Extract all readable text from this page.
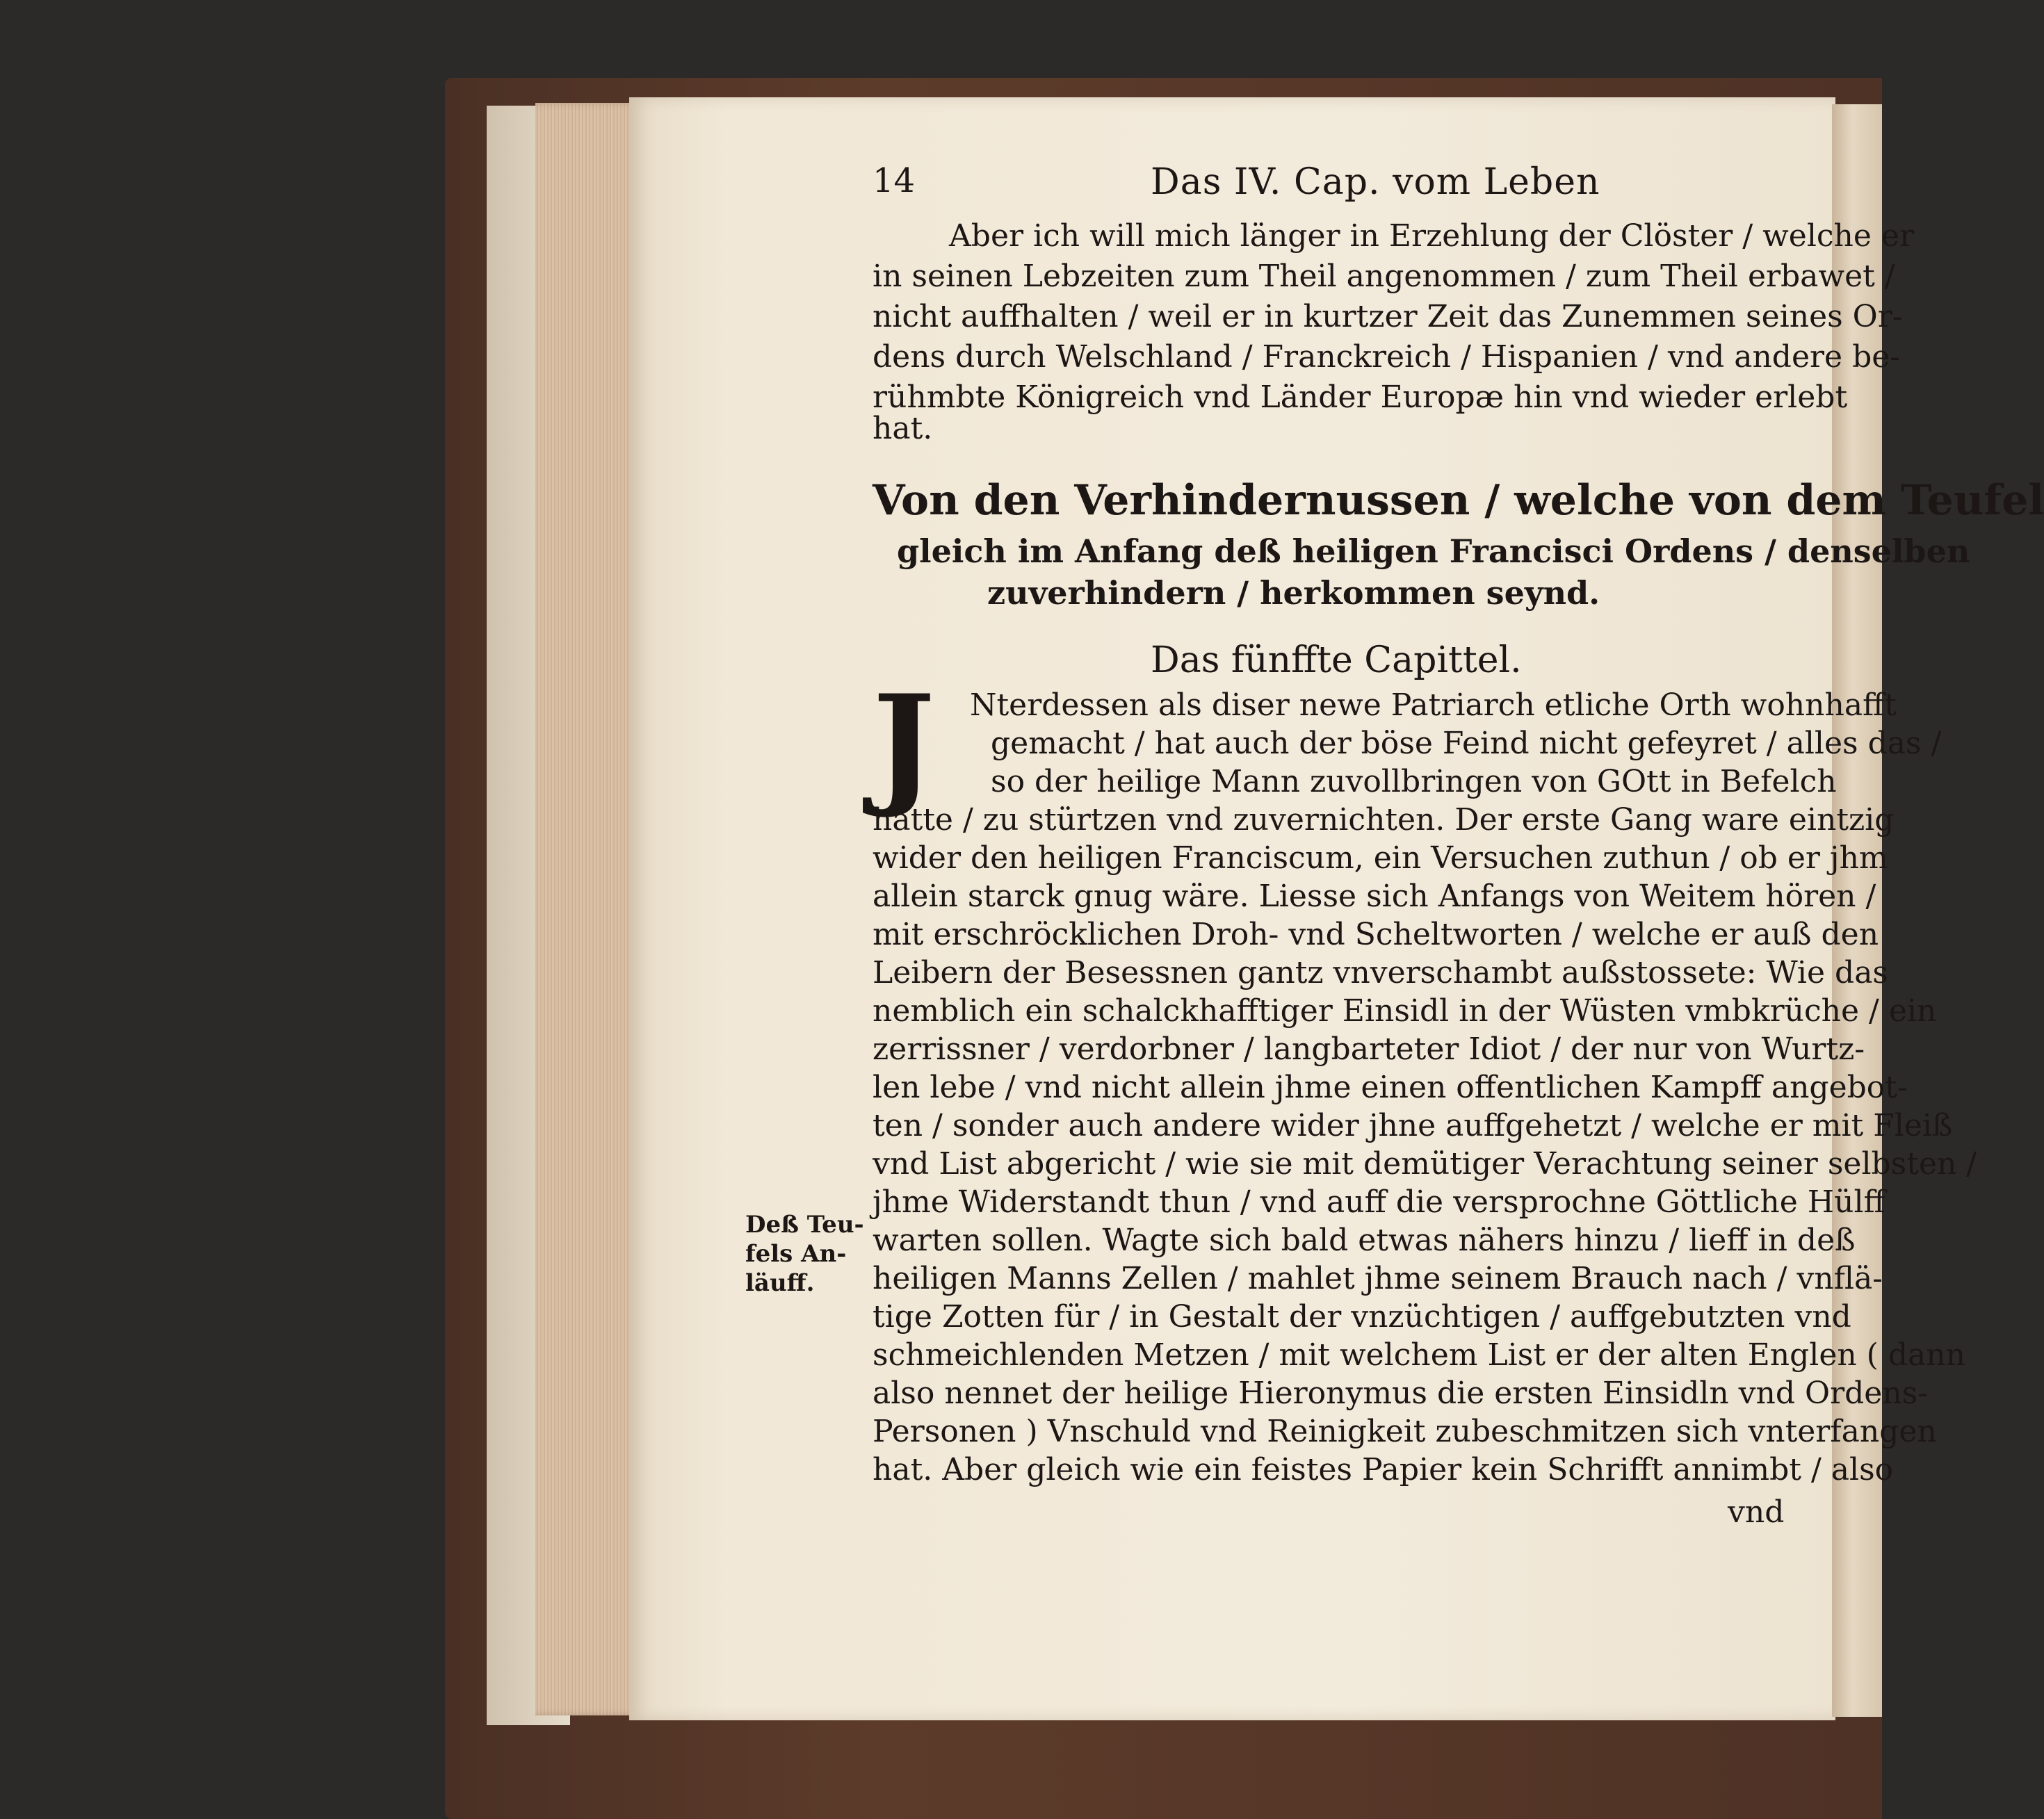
14	Das IV. Cap. vom Leben
Aber ich will mich länger in Erzehlung der Clöster / welche er
in seinen Lebzeiten zum Theil angenommen / zum Theil erbawet /
nicht auffhalten / weil er in kurtzer Zeit das Zunemmen seines Or-
dens durch Welschland / Franckreich / Hispanien / vnd andere be-
rühmbte Königreich vnd Länder Europæ hin vnd wieder erlebt
hat.
Von den Verhindernussen / welche von dem Teufel
gleich im Anfang deß heiligen Francisci Ordens / denselben
zuverhindern / herkommen seynd.
Das fünffte Capittel.
J Nterdessen als diser newe Patriarch etliche Orth wohnhafft
gemacht / hat auch der böse Feind nicht gefeyret / alles das /
so der heilige Mann zuvollbringen von GOtt in Befelch
hatte / zu stürtzen vnd zuvernichten. Der erste Gang ware eintzig
wider den heiligen Franciscum, ein Versuchen zuthun / ob er jhm
allein starck gnug wäre. Liesse sich Anfangs von Weitem hören /
mit erschröcklichen Droh- vnd Scheltworten / welche er auß den
Leibern der Besessnen gantz vnverschambt außstossete: Wie das
nemblich ein schalckhafftiger Einsidl in der Wüsten vmbkrüche / ein
zerrissner / verdorbner / langbarteter Idiot / der nur von Wurtz-
len lebe / vnd nicht allein jhme einen offentlichen Kampff angebot-
ten / sonder auch andere wider jhne auffgehetzt / welche er mit Fleiß
vnd List abgericht / wie sie mit demütiger Verachtung seiner selbsten /
jhme Widerstandt thun / vnd auff die versprochne Göttliche Hülff
warten sollen. Wagte sich bald etwas nähers hinzu / lieff in deß
heiligen Manns Zellen / mahlet jhme seinem Brauch nach / vnflä-
tige Zotten für / in Gestalt der vnzüchtigen / auffgebutzten vnd
schmeichlenden Metzen / mit welchem List er der alten Englen ( dann
also nennet der heilige Hieronymus die ersten Einsidln vnd Ordens-
Personen ) Vnschuld vnd Reinigkeit zubeschmitzen sich vnterfangen
hat. Aber gleich wie ein feistes Papier kein Schrifft annimbt / also
vnd
Deß Teu-
fels An-
läuff.
